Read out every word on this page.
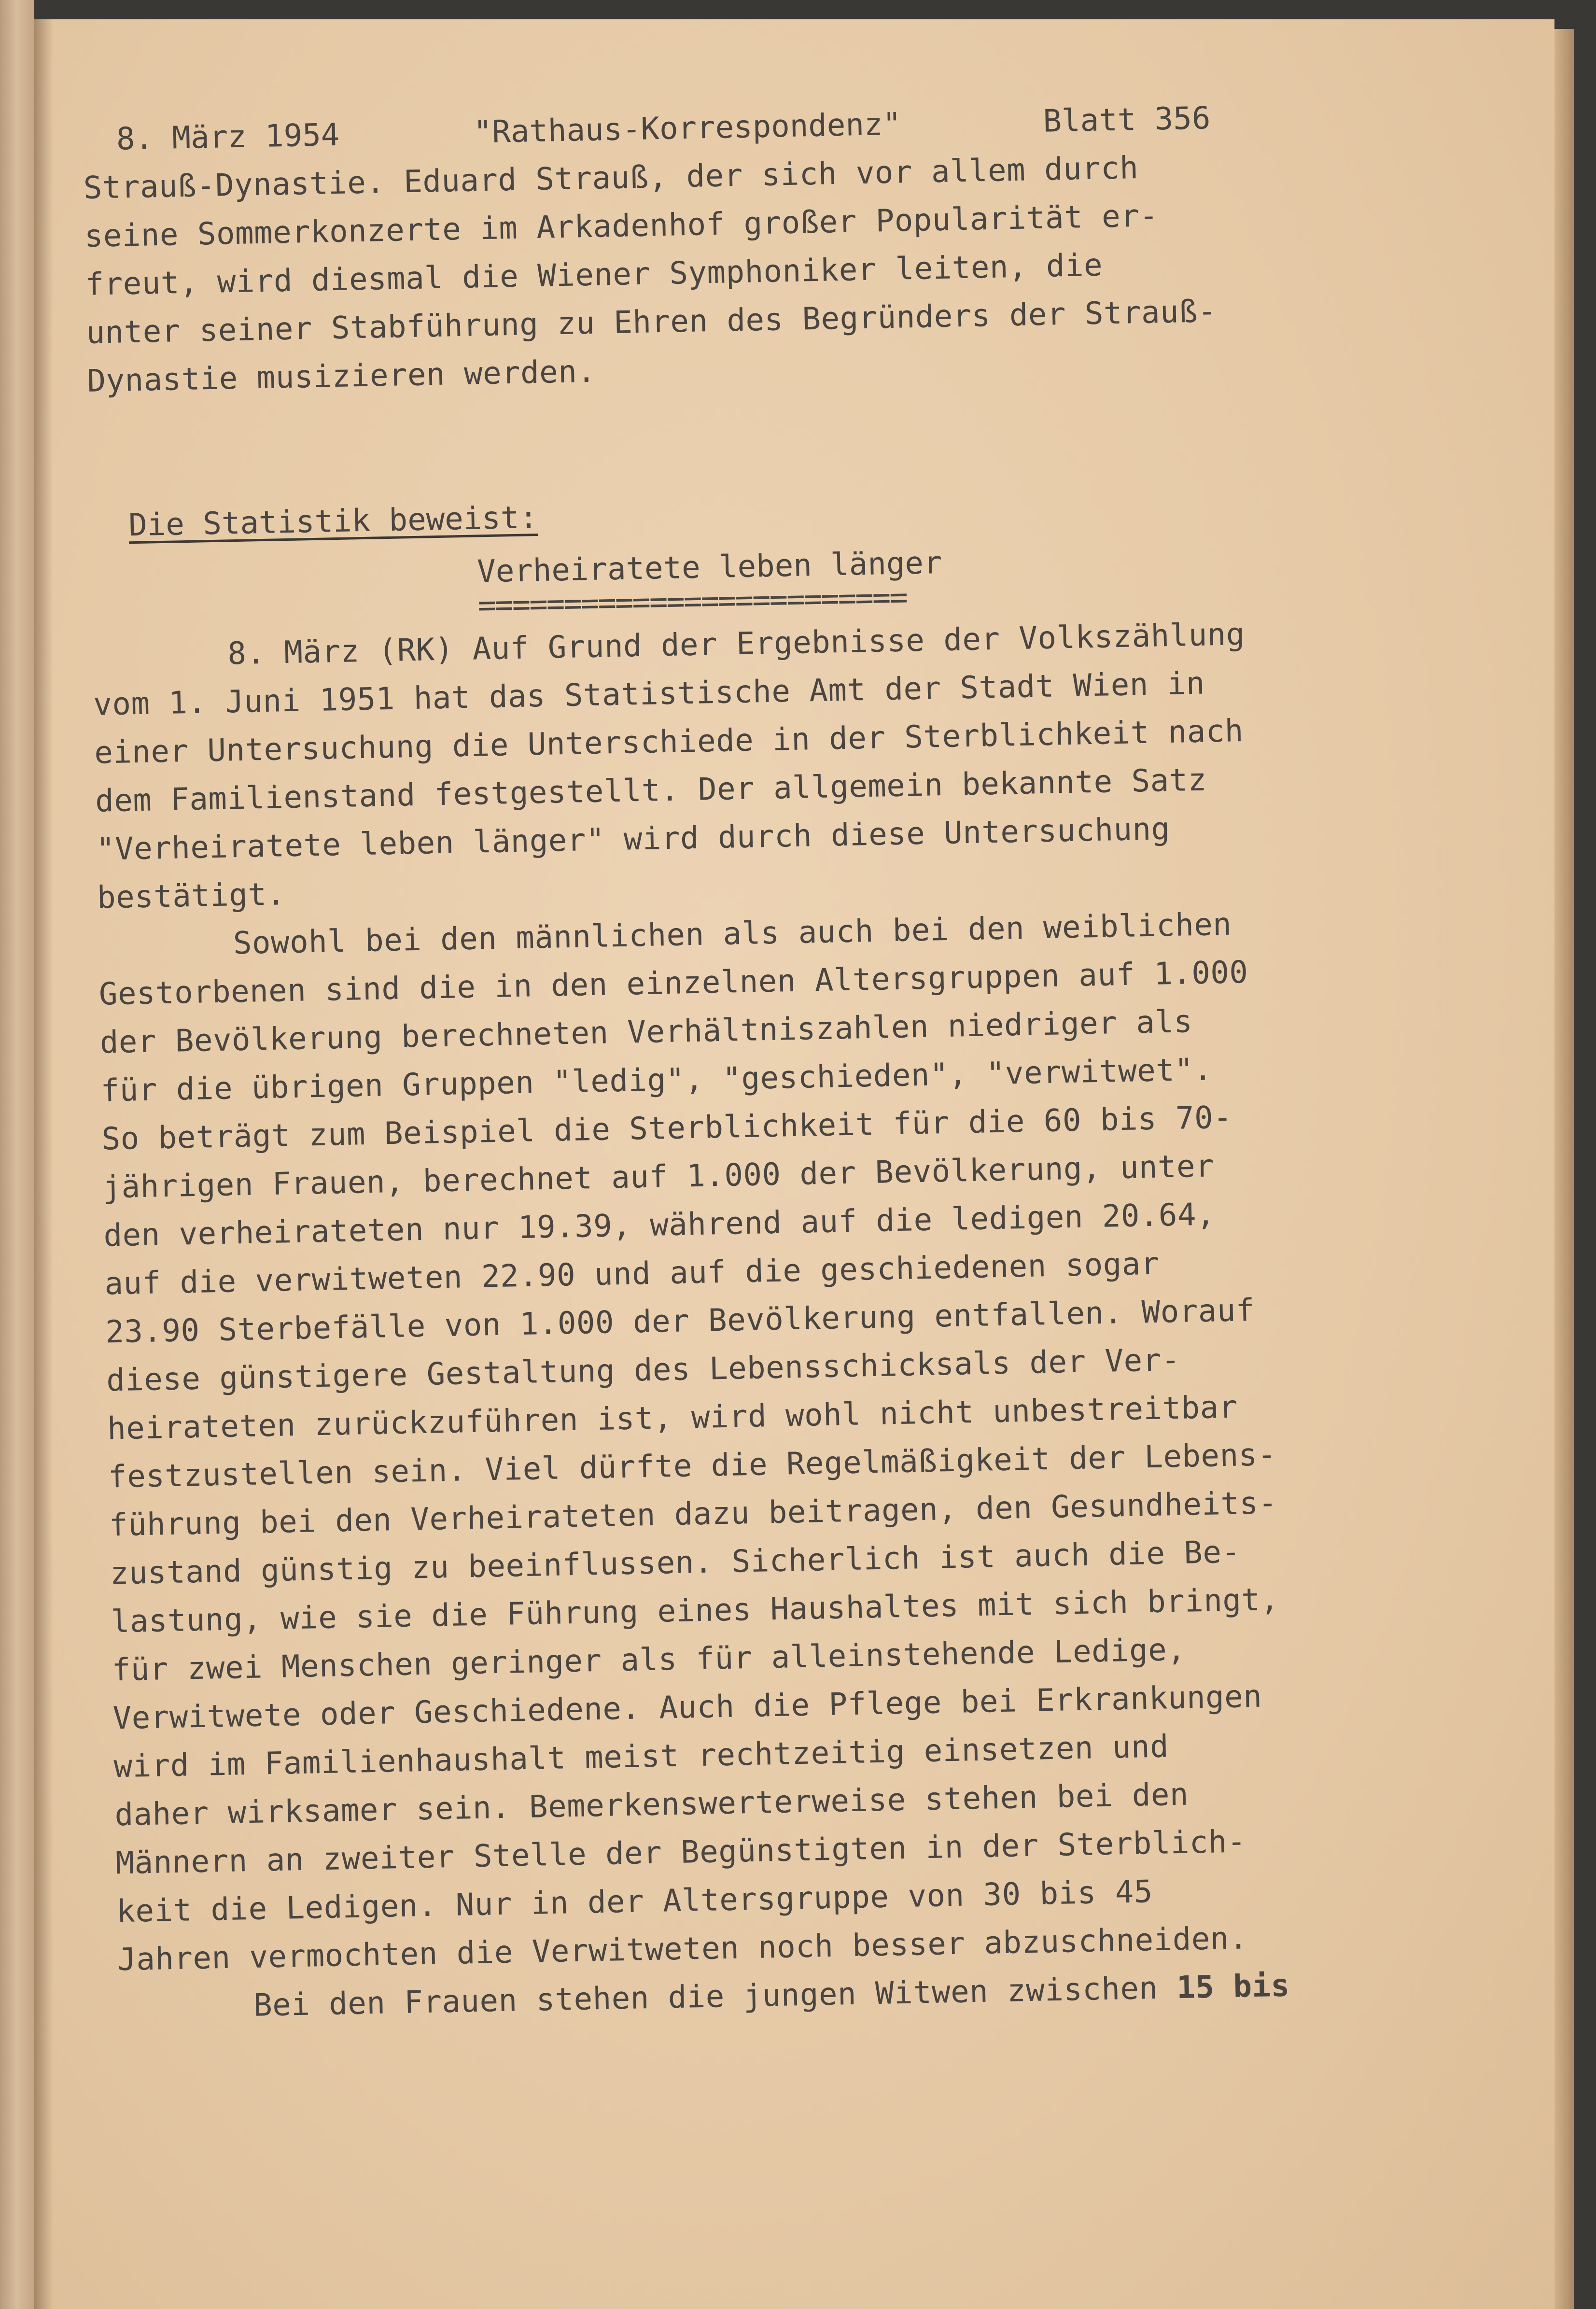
8. März 1954

	"Rathaus-Korrespondenz"

	Blatt 356

Strauß-Dynastie. Eduard Strauß, der sich vor allem durch
seine Sommerkonzerte im Arkadenhof großer Popularität er-
freut, wird diesmal die Wiener Symphoniker leiten, die
unter seiner Stabführung zu Ehren des Begründers der Strauß-
Dynastie musizieren werden.
Die Statistik beweist:
Verheiratete leben länger
=========================
8. März (RK) Auf Grund der Ergebnisse der Volkszählung
vom 1. Juni 1951 hat das Statistische Amt der Stadt Wien in
einer Untersuchung die Unterschiede in der Sterblichkeit nach
dem Familienstand festgestellt. Der allgemein bekannte Satz
"Verheiratete leben länger" wird durch diese Untersuchung
bestätigt.
Sowohl bei den männlichen als auch bei den weiblichen
Gestorbenen sind die in den einzelnen Altersgruppen auf 1.000
der Bevölkerung berechneten Verhältniszahlen niedriger als
für die übrigen Gruppen "ledig", "geschieden", "verwitwet".
So beträgt zum Beispiel die Sterblichkeit für die 60 bis 70-
jährigen Frauen, berechnet auf 1.000 der Bevölkerung, unter
den verheirateten nur 19.39, während auf die ledigen 20.64,
auf die verwitweten 22.90 und auf die geschiedenen sogar
23.90 Sterbefälle von 1.000 der Bevölkerung entfallen. Worauf
diese günstigere Gestaltung des Lebensschicksals der Ver-
heirateten zurückzuführen ist, wird wohl nicht unbestreitbar
festzustellen sein. Viel dürfte die Regelmäßigkeit der Lebens-
führung bei den Verheirateten dazu beitragen, den Gesundheits-
zustand günstig zu beeinflussen. Sicherlich ist auch die Be-
lastung, wie sie die Führung eines Haushaltes mit sich bringt,
für zwei Menschen geringer als für alleinstehende Ledige,
Verwitwete oder Geschiedene. Auch die Pflege bei Erkrankungen
wird im Familienhaushalt meist rechtzeitig einsetzen und
daher wirksamer sein. Bemerkenswerterweise stehen bei den
Männern an zweiter Stelle der Begünstigten in der Sterblich-
keit die Ledigen. Nur in der Altersgruppe von 30 bis 45
Jahren vermochten die Verwitweten noch besser abzuschneiden.
Bei den Frauen stehen die jungen Witwen zwischen 15 bis
